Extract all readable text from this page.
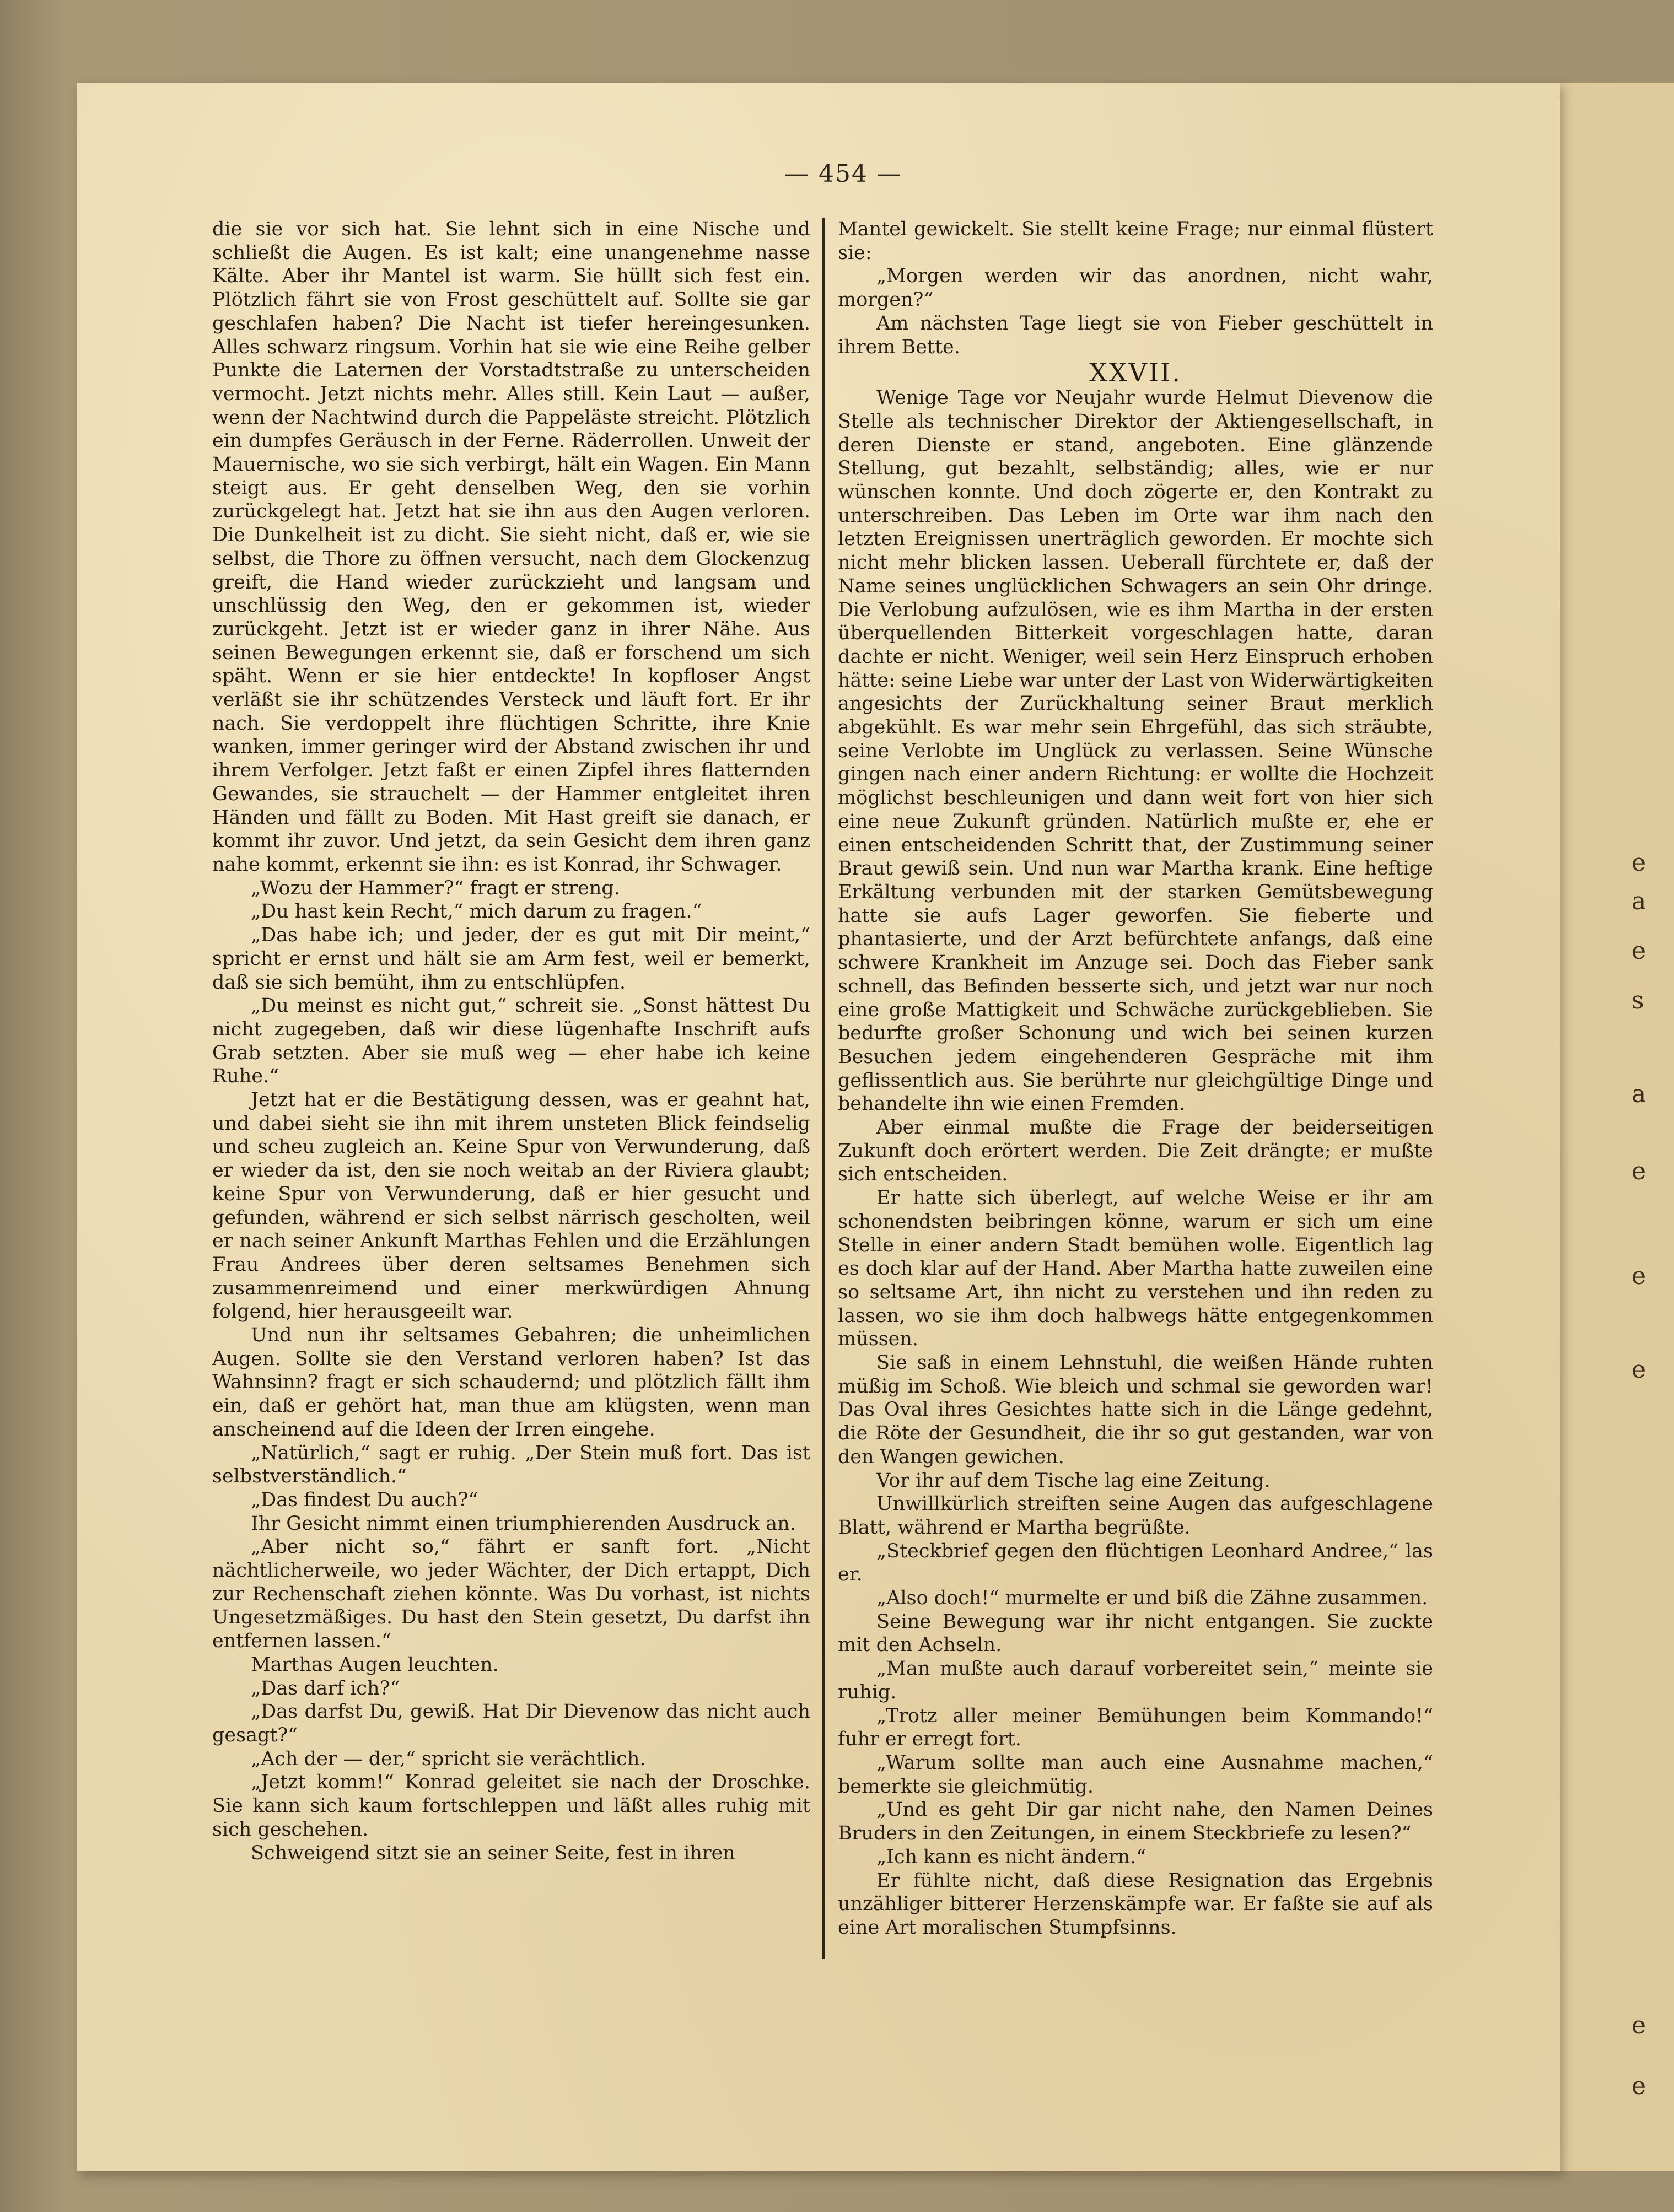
e
a
e
s
a
e
e
e
e
e
— 454 —

die sie vor sich hat. Sie lehnt sich in eine Nische und schließt die Augen. Es ist kalt; eine unangenehme nasse Kälte. Aber ihr Mantel ist warm. Sie hüllt sich fest ein. Plötzlich fährt sie von Frost geschüttelt auf. Sollte sie gar geschlafen haben? Die Nacht ist tiefer hereingesunken. Alles schwarz ringsum. Vorhin hat sie wie eine Reihe gelber Punkte die Laternen der Vorstadtstraße zu unterscheiden vermocht. Jetzt nichts mehr. Alles still. Kein Laut — außer, wenn der Nachtwind durch die Pappeläste streicht. Plötzlich ein dumpfes Geräusch in der Ferne. Räderrollen. Unweit der Mauernische, wo sie sich verbirgt, hält ein Wagen. Ein Mann steigt aus. Er geht denselben Weg, den sie vorhin zurückgelegt hat. Jetzt hat sie ihn aus den Augen verloren. Die Dunkelheit ist zu dicht. Sie sieht nicht, daß er, wie sie selbst, die Thore zu öffnen versucht, nach dem Glockenzug greift, die Hand wieder zurückzieht und langsam und unschlüssig den Weg, den er gekommen ist, wieder zurückgeht. Jetzt ist er wieder ganz in ihrer Nähe. Aus seinen Bewegungen erkennt sie, daß er forschend um sich späht. Wenn er sie hier entdeckte! In kopfloser Angst verläßt sie ihr schützendes Versteck und läuft fort. Er ihr nach. Sie verdoppelt ihre flüchtigen Schritte, ihre Knie wanken, immer geringer wird der Abstand zwischen ihr und ihrem Verfolger. Jetzt faßt er einen Zipfel ihres flatternden Gewandes, sie strauchelt — der Hammer entgleitet ihren Händen und fällt zu Boden. Mit Hast greift sie danach, er kommt ihr zuvor. Und jetzt, da sein Gesicht dem ihren ganz nahe kommt, erkennt sie ihn: es ist Konrad, ihr Schwager.

„Wozu der Hammer?“ fragt er streng.

„Du hast kein Recht,“ mich darum zu fragen.“

„Das habe ich; und jeder, der es gut mit Dir meint,“ spricht er ernst und hält sie am Arm fest, weil er bemerkt, daß sie sich bemüht, ihm zu entschlüpfen.

„Du meinst es nicht gut,“ schreit sie. „Sonst hättest Du nicht zugegeben, daß wir diese lügenhafte Inschrift aufs Grab setzten. Aber sie muß weg — eher habe ich keine Ruhe.“

Jetzt hat er die Bestätigung dessen, was er geahnt hat, und dabei sieht sie ihn mit ihrem unsteten Blick feindselig und scheu zugleich an. Keine Spur von Verwunderung, daß er wieder da ist, den sie noch weitab an der Riviera glaubt; keine Spur von Verwunderung, daß er hier gesucht und gefunden, während er sich selbst närrisch gescholten, weil er nach seiner Ankunft Marthas Fehlen und die Erzählungen Frau Andrees über deren seltsames Benehmen sich zusammenreimend und einer merkwürdigen Ahnung folgend, hier herausgeeilt war.

Und nun ihr seltsames Gebahren; die unheimlichen Augen. Sollte sie den Verstand verloren haben? Ist das Wahnsinn? fragt er sich schaudernd; und plötzlich fällt ihm ein, daß er gehört hat, man thue am klügsten, wenn man anscheinend auf die Ideen der Irren eingehe.

„Natürlich,“ sagt er ruhig. „Der Stein muß fort. Das ist selbstverständlich.“

„Das findest Du auch?“

Ihr Gesicht nimmt einen triumphierenden Ausdruck an.

„Aber nicht so,“ fährt er sanft fort. „Nicht nächtlicherweile, wo jeder Wächter, der Dich ertappt, Dich zur Rechenschaft ziehen könnte. Was Du vorhast, ist nichts Ungesetzmäßiges. Du hast den Stein gesetzt, Du darfst ihn entfernen lassen.“

Marthas Augen leuchten.

„Das darf ich?“

„Das darfst Du, gewiß. Hat Dir Dievenow das nicht auch gesagt?“

„Ach der — der,“ spricht sie verächtlich.

„Jetzt komm!“ Konrad geleitet sie nach der Droschke. Sie kann sich kaum fortschleppen und läßt alles ruhig mit sich geschehen.

Schweigend sitzt sie an seiner Seite, fest in ihren

Mantel gewickelt. Sie stellt keine Frage; nur einmal flüstert sie:

„Morgen werden wir das anordnen, nicht wahr, morgen?“

Am nächsten Tage liegt sie von Fieber geschüttelt in ihrem Bette.

XXVII.

Wenige Tage vor Neujahr wurde Helmut Dievenow die Stelle als technischer Direktor der Aktiengesellschaft, in deren Dienste er stand, angeboten. Eine glänzende Stellung, gut bezahlt, selbständig; alles, wie er nur wünschen konnte. Und doch zögerte er, den Kontrakt zu unterschreiben. Das Leben im Orte war ihm nach den letzten Ereignissen unerträglich geworden. Er mochte sich nicht mehr blicken lassen. Ueberall fürchtete er, daß der Name seines unglücklichen Schwagers an sein Ohr dringe. Die Verlobung aufzulösen, wie es ihm Martha in der ersten überquellenden Bitterkeit vorgeschlagen hatte, daran dachte er nicht. Weniger, weil sein Herz Einspruch erhoben hätte: seine Liebe war unter der Last von Widerwärtigkeiten angesichts der Zurückhaltung seiner Braut merklich abgekühlt. Es war mehr sein Ehrgefühl, das sich sträubte, seine Verlobte im Unglück zu verlassen. Seine Wünsche gingen nach einer andern Richtung: er wollte die Hochzeit möglichst beschleunigen und dann weit fort von hier sich eine neue Zukunft gründen. Natürlich mußte er, ehe er einen entscheidenden Schritt that, der Zustimmung seiner Braut gewiß sein. Und nun war Martha krank. Eine heftige Erkältung verbunden mit der starken Gemütsbewegung hatte sie aufs Lager geworfen. Sie fieberte und phantasierte, und der Arzt befürchtete anfangs, daß eine schwere Krankheit im Anzuge sei. Doch das Fieber sank schnell, das Befinden besserte sich, und jetzt war nur noch eine große Mattigkeit und Schwäche zurückgeblieben. Sie bedurfte großer Schonung und wich bei seinen kurzen Besuchen jedem eingehenderen Gespräche mit ihm geflissentlich aus. Sie berührte nur gleichgültige Dinge und behandelte ihn wie einen Fremden.

Aber einmal mußte die Frage der beiderseitigen Zukunft doch erörtert werden. Die Zeit drängte; er mußte sich entscheiden.

Er hatte sich überlegt, auf welche Weise er ihr am schonendsten beibringen könne, warum er sich um eine Stelle in einer andern Stadt bemühen wolle. Eigentlich lag es doch klar auf der Hand. Aber Martha hatte zuweilen eine so seltsame Art, ihn nicht zu verstehen und ihn reden zu lassen, wo sie ihm doch halbwegs hätte entgegenkommen müssen.

Sie saß in einem Lehnstuhl, die weißen Hände ruhten müßig im Schoß. Wie bleich und schmal sie geworden war! Das Oval ihres Gesichtes hatte sich in die Länge gedehnt, die Röte der Gesundheit, die ihr so gut gestanden, war von den Wangen gewichen.

Vor ihr auf dem Tische lag eine Zeitung.

Unwillkürlich streiften seine Augen das aufgeschlagene Blatt, während er Martha begrüßte.

„Steckbrief gegen den flüchtigen Leonhard Andree,“ las er.

„Also doch!“ murmelte er und biß die Zähne zusammen.

Seine Bewegung war ihr nicht entgangen. Sie zuckte mit den Achseln.

„Man mußte auch darauf vorbereitet sein,“ meinte sie ruhig.

„Trotz aller meiner Bemühungen beim Kommando!“ fuhr er erregt fort.

„Warum sollte man auch eine Ausnahme machen,“ bemerkte sie gleichmütig.

„Und es geht Dir gar nicht nahe, den Namen Deines Bruders in den Zeitungen, in einem Steckbriefe zu lesen?“

„Ich kann es nicht ändern.“

Er fühlte nicht, daß diese Resignation das Ergebnis unzähliger bitterer Herzenskämpfe war. Er faßte sie auf als eine Art moralischen Stumpfsinns.
